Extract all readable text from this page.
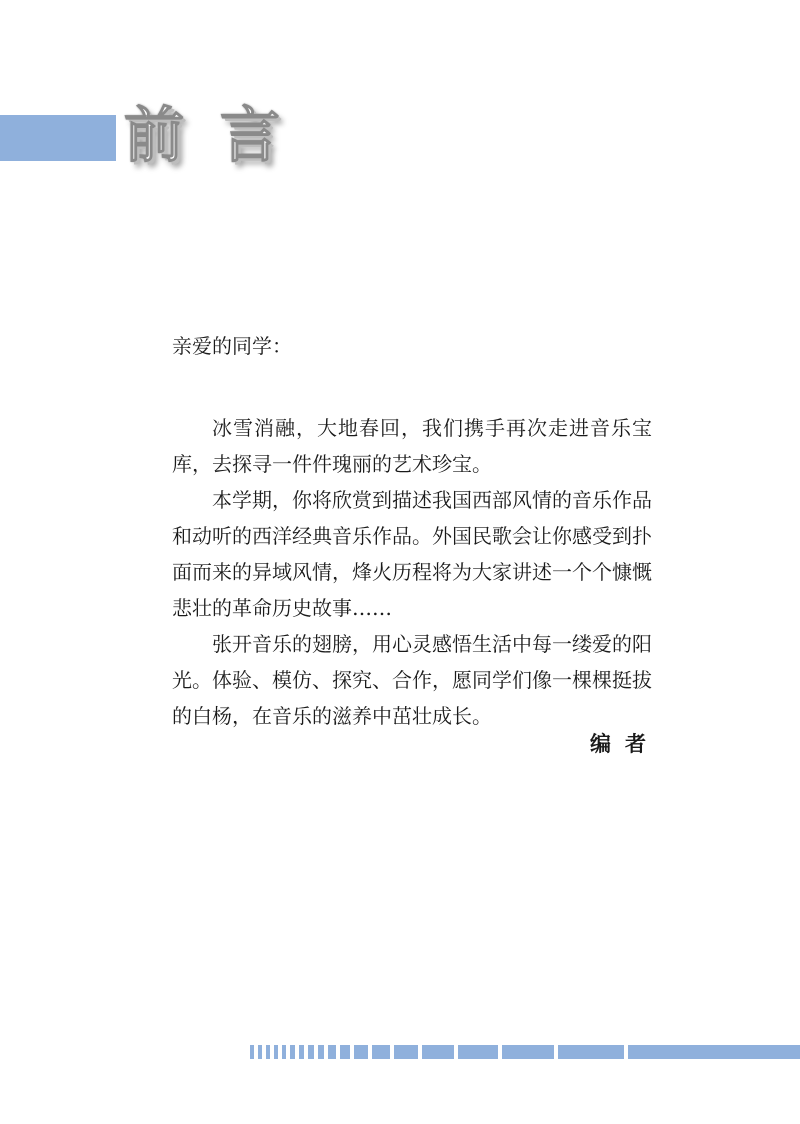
前言

亲爱的同学：

冰雪消融，大地春回，我们携手再次走进音乐宝库，去探寻一件件瑰丽的艺术珍宝。

本学期，你将欣赏到描述我国西部风情的音乐作品和动听的西洋经典音乐作品。外国民歌会让你感受到扑面而来的异域风情，烽火历程将为大家讲述一个个慷慨悲壮的革命历史故事……

张开音乐的翅膀，用心灵感悟生活中每一缕爱的阳光。体验、模仿、探究、合作，愿同学们像一棵棵挺拔的白杨，在音乐的滋养中茁壮成长。

编者
